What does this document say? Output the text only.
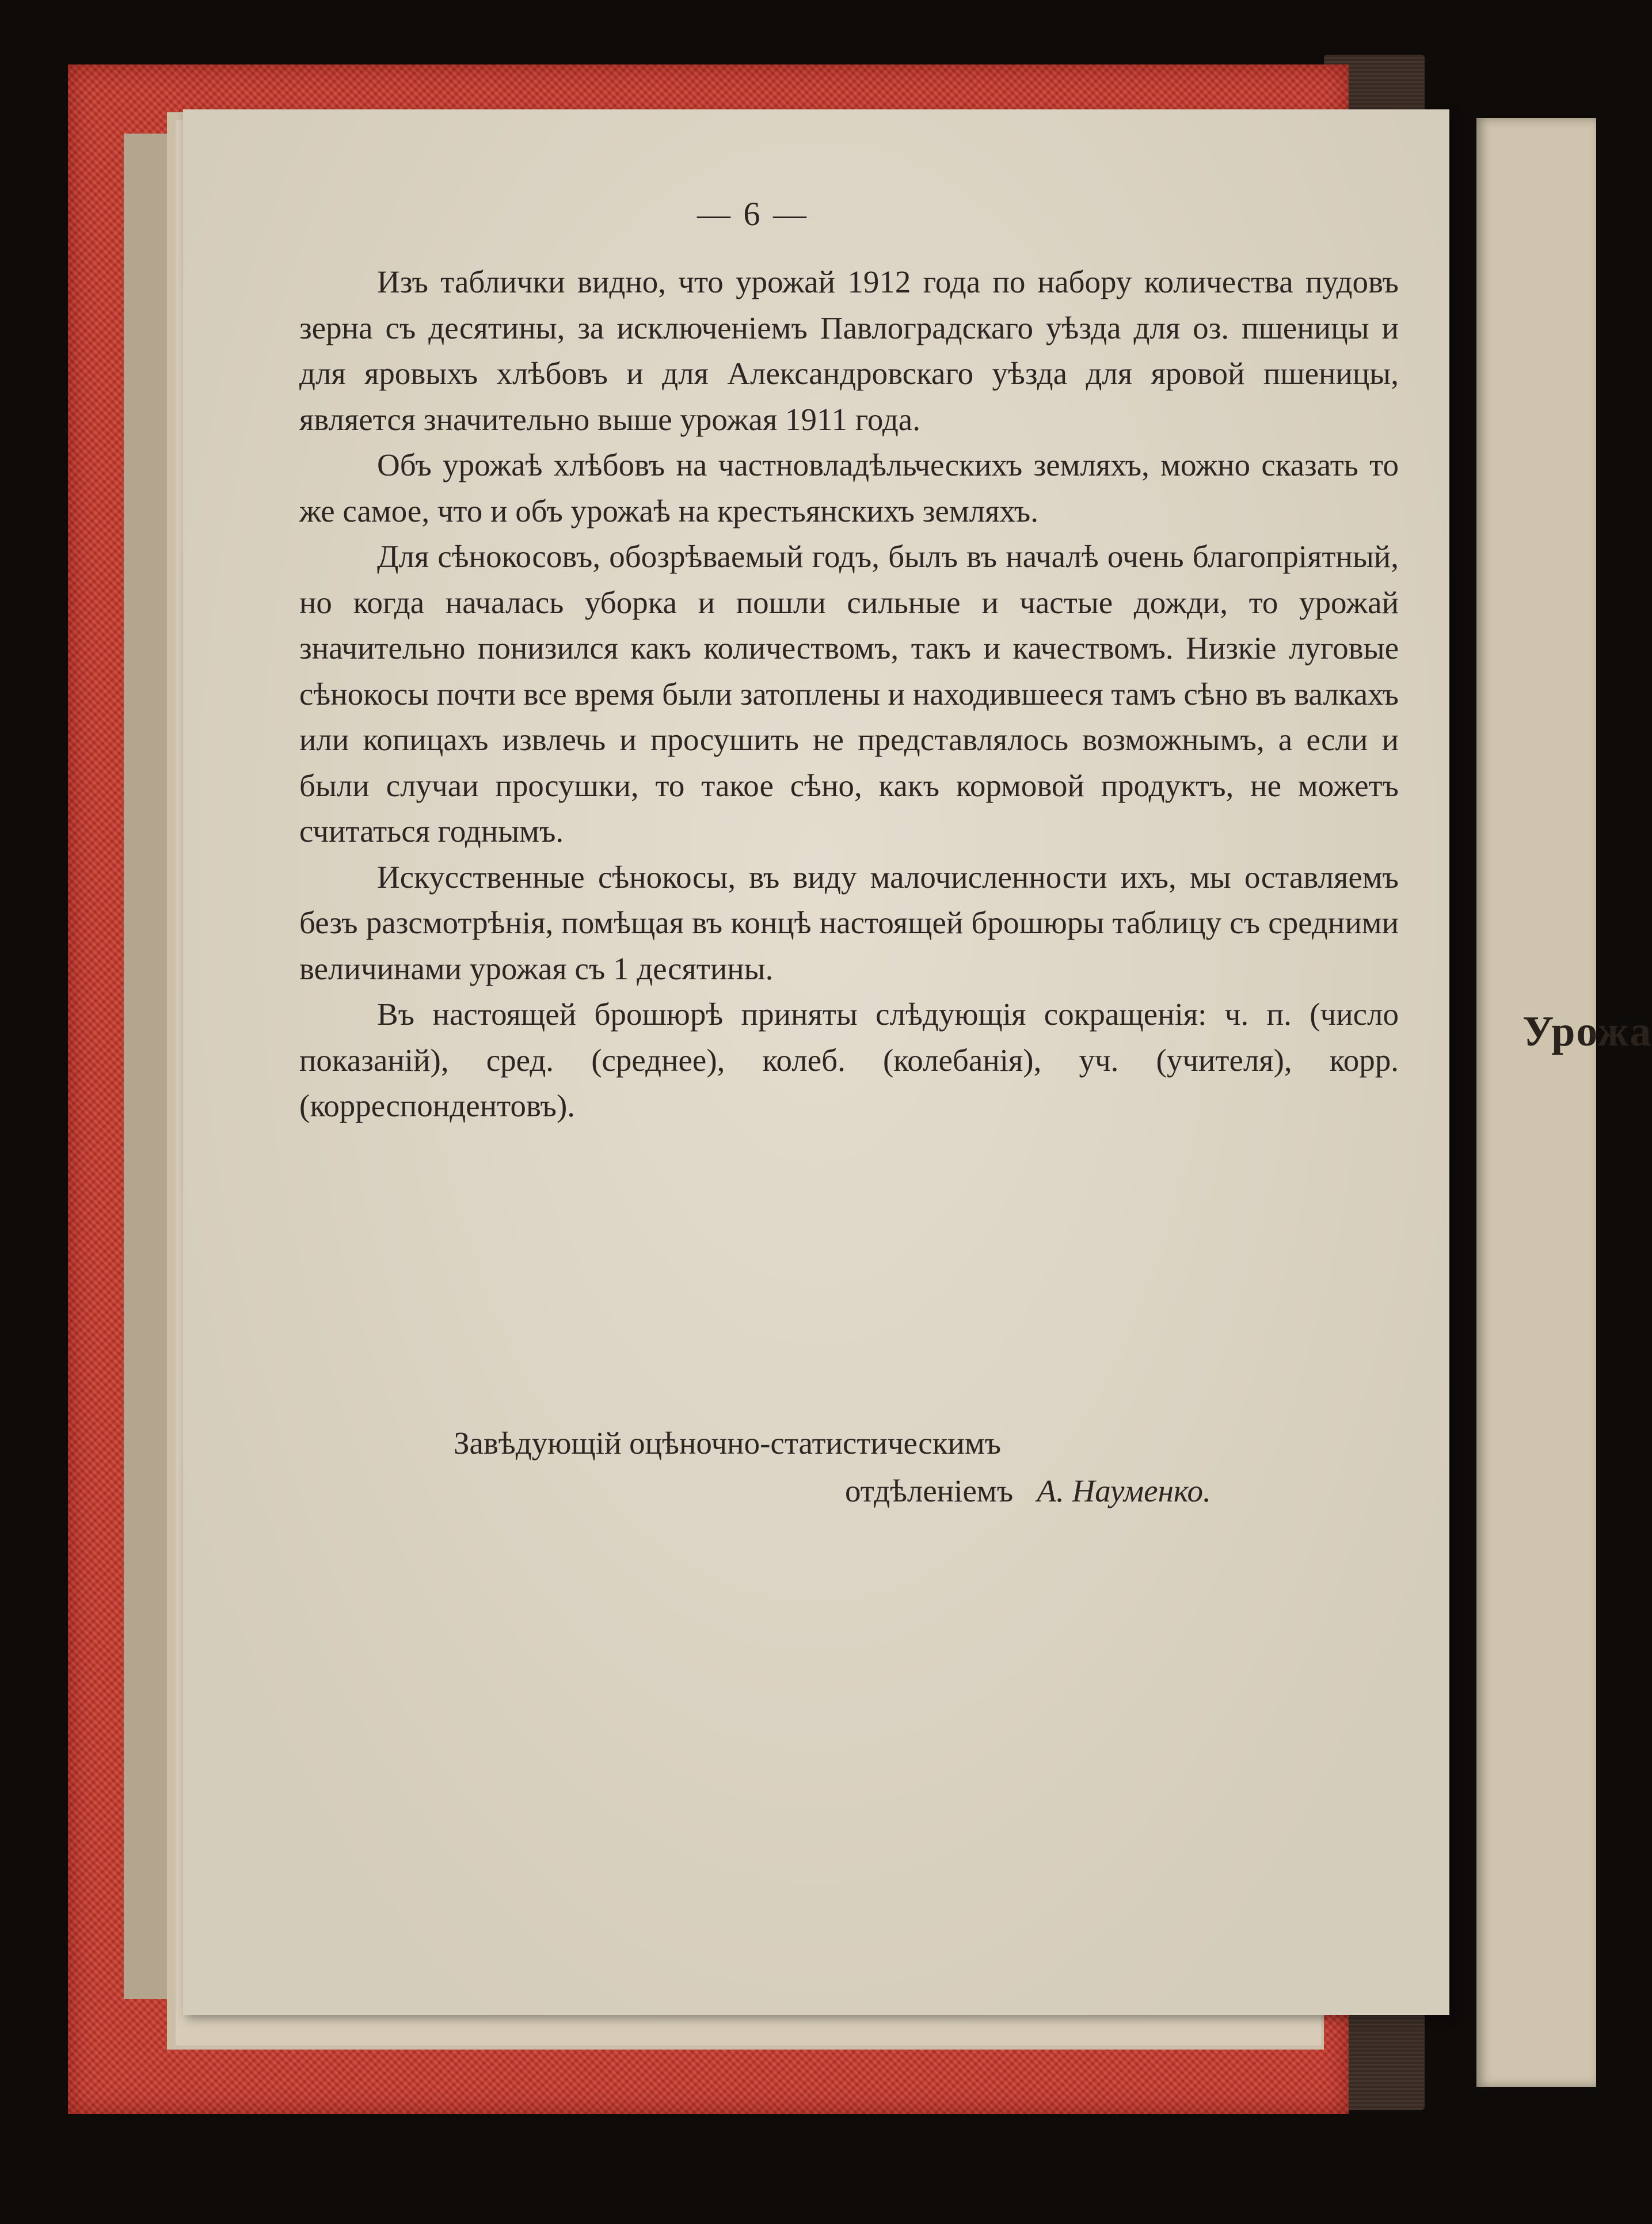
Урожа
— 6 —

Изъ таблички видно, что урожай 1912 года по набору количества пудовъ зерна съ десятины, за исключеніемъ Павлоградскаго уѣзда для оз. пшеницы и для яровыхъ хлѣбовъ и для Александровскаго уѣзда для яровой пшеницы, является значительно выше урожая 1911 года.

Объ урожаѣ хлѣбовъ на частновладѣльческихъ земляхъ, можно сказать то же самое, что и объ урожаѣ на крестьянскихъ земляхъ.

Для сѣнокосовъ, обозрѣваемый годъ, былъ въ началѣ очень благопріятный, но когда началась уборка и пошли сильные и частые дожди, то урожай значительно понизился какъ количествомъ, такъ и качествомъ. Низкіе луговые сѣнокосы почти все время были затоплены и находившееся тамъ сѣно въ валкахъ или копицахъ извлечь и просушить не представлялось возможнымъ, а если и были случаи просушки, то такое сѣно, какъ кормовой продуктъ, не можетъ считаться годнымъ.

Искусственные сѣнокосы, въ виду малочисленности ихъ, мы оставляемъ безъ разсмотрѣнія, помѣщая въ концѣ настоящей брошюры таблицу съ средними величинами урожая съ 1 десятины.

Въ настоящей брошюрѣ приняты слѣдующія сокращенія: ч. п. (число показаній), сред. (среднее), колеб. (колебанія), уч. (учителя), корр. (корреспондентовъ).

Завѣдующій оцѣночно-статистическимъ
отдѣленіемъ А. Науменко.
